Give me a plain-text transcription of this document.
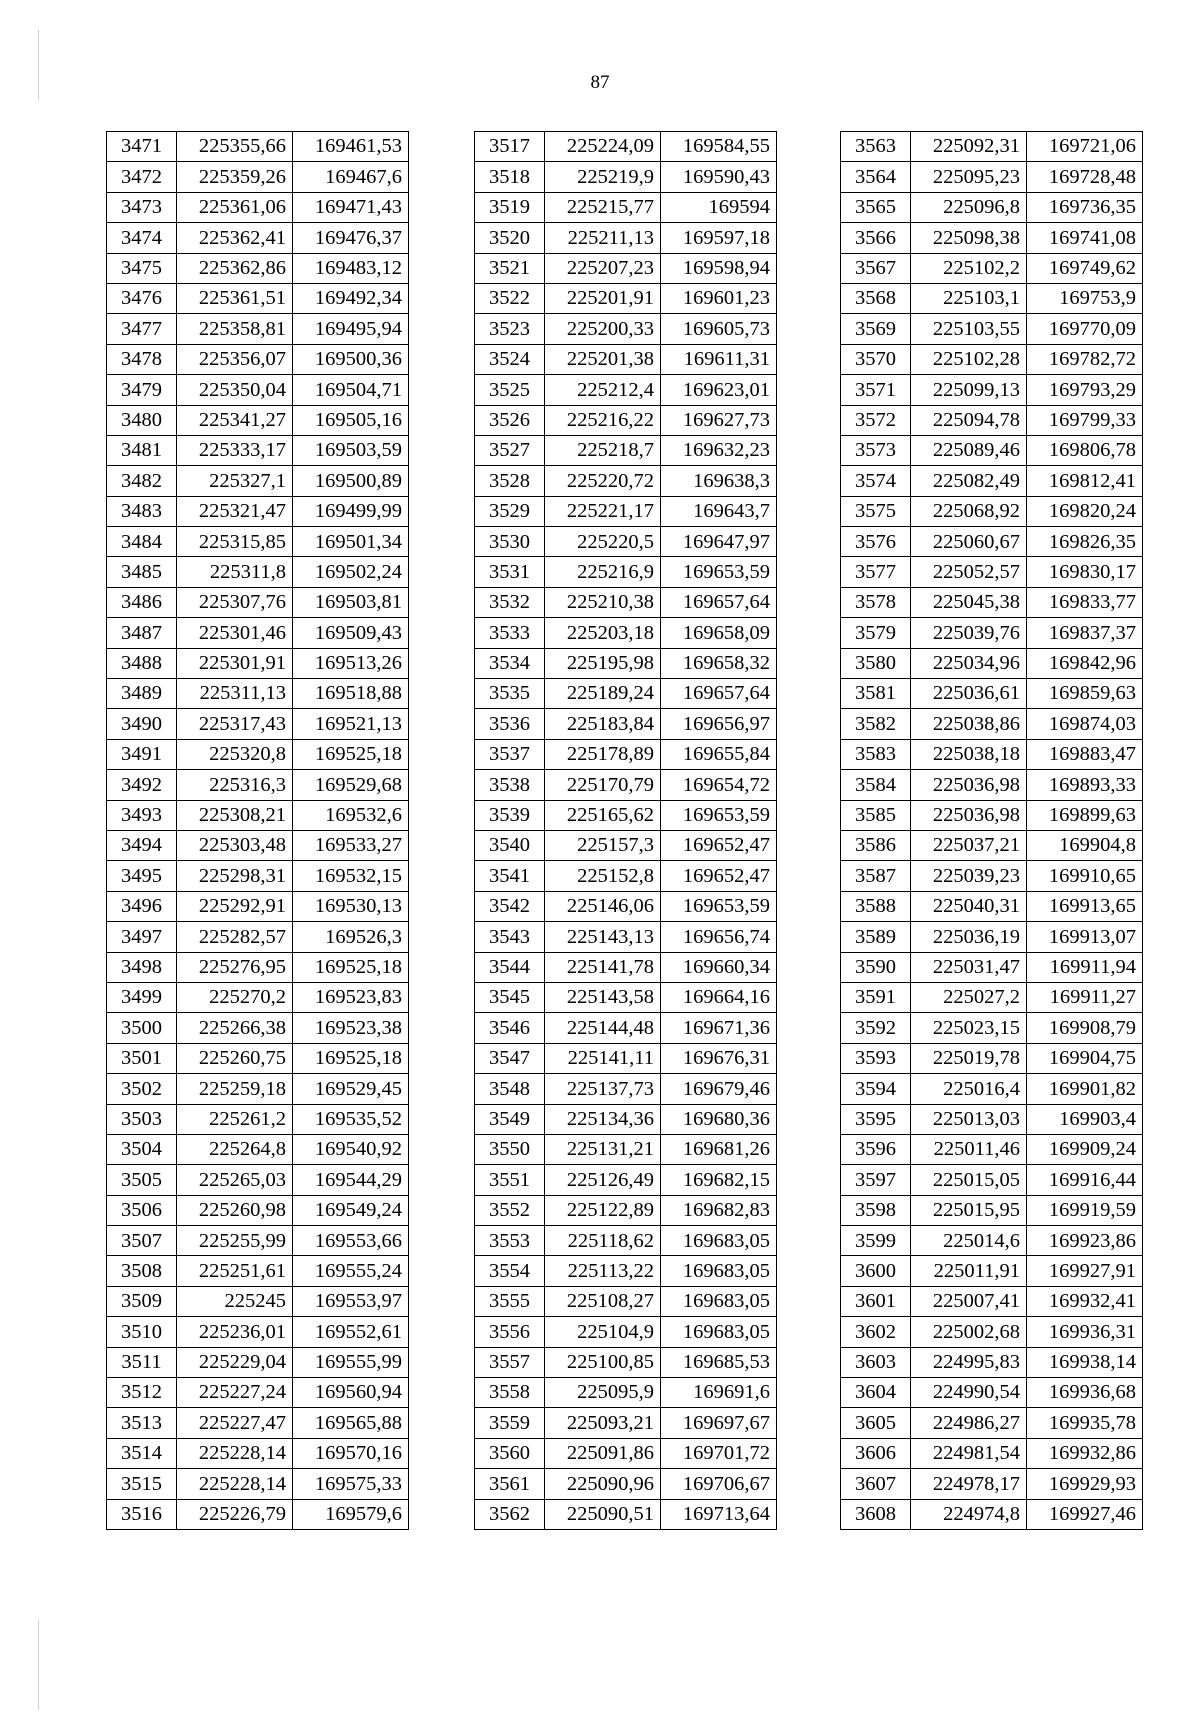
87
3471	225355,66	169461,53
3472	225359,26	169467,6
3473	225361,06	169471,43
3474	225362,41	169476,37
3475	225362,86	169483,12
3476	225361,51	169492,34
3477	225358,81	169495,94
3478	225356,07	169500,36
3479	225350,04	169504,71
3480	225341,27	169505,16
3481	225333,17	169503,59
3482	225327,1	169500,89
3483	225321,47	169499,99
3484	225315,85	169501,34
3485	225311,8	169502,24
3486	225307,76	169503,81
3487	225301,46	169509,43
3488	225301,91	169513,26
3489	225311,13	169518,88
3490	225317,43	169521,13
3491	225320,8	169525,18
3492	225316,3	169529,68
3493	225308,21	169532,6
3494	225303,48	169533,27
3495	225298,31	169532,15
3496	225292,91	169530,13
3497	225282,57	169526,3
3498	225276,95	169525,18
3499	225270,2	169523,83
3500	225266,38	169523,38
3501	225260,75	169525,18
3502	225259,18	169529,45
3503	225261,2	169535,52
3504	225264,8	169540,92
3505	225265,03	169544,29
3506	225260,98	169549,24
3507	225255,99	169553,66
3508	225251,61	169555,24
3509	225245	169553,97
3510	225236,01	169552,61
3511	225229,04	169555,99
3512	225227,24	169560,94
3513	225227,47	169565,88
3514	225228,14	169570,16
3515	225228,14	169575,33
3516	225226,79	169579,6
3517	225224,09	169584,55
3518	225219,9	169590,43
3519	225215,77	169594
3520	225211,13	169597,18
3521	225207,23	169598,94
3522	225201,91	169601,23
3523	225200,33	169605,73
3524	225201,38	169611,31
3525	225212,4	169623,01
3526	225216,22	169627,73
3527	225218,7	169632,23
3528	225220,72	169638,3
3529	225221,17	169643,7
3530	225220,5	169647,97
3531	225216,9	169653,59
3532	225210,38	169657,64
3533	225203,18	169658,09
3534	225195,98	169658,32
3535	225189,24	169657,64
3536	225183,84	169656,97
3537	225178,89	169655,84
3538	225170,79	169654,72
3539	225165,62	169653,59
3540	225157,3	169652,47
3541	225152,8	169652,47
3542	225146,06	169653,59
3543	225143,13	169656,74
3544	225141,78	169660,34
3545	225143,58	169664,16
3546	225144,48	169671,36
3547	225141,11	169676,31
3548	225137,73	169679,46
3549	225134,36	169680,36
3550	225131,21	169681,26
3551	225126,49	169682,15
3552	225122,89	169682,83
3553	225118,62	169683,05
3554	225113,22	169683,05
3555	225108,27	169683,05
3556	225104,9	169683,05
3557	225100,85	169685,53
3558	225095,9	169691,6
3559	225093,21	169697,67
3560	225091,86	169701,72
3561	225090,96	169706,67
3562	225090,51	169713,64
3563	225092,31	169721,06
3564	225095,23	169728,48
3565	225096,8	169736,35
3566	225098,38	169741,08
3567	225102,2	169749,62
3568	225103,1	169753,9
3569	225103,55	169770,09
3570	225102,28	169782,72
3571	225099,13	169793,29
3572	225094,78	169799,33
3573	225089,46	169806,78
3574	225082,49	169812,41
3575	225068,92	169820,24
3576	225060,67	169826,35
3577	225052,57	169830,17
3578	225045,38	169833,77
3579	225039,76	169837,37
3580	225034,96	169842,96
3581	225036,61	169859,63
3582	225038,86	169874,03
3583	225038,18	169883,47
3584	225036,98	169893,33
3585	225036,98	169899,63
3586	225037,21	169904,8
3587	225039,23	169910,65
3588	225040,31	169913,65
3589	225036,19	169913,07
3590	225031,47	169911,94
3591	225027,2	169911,27
3592	225023,15	169908,79
3593	225019,78	169904,75
3594	225016,4	169901,82
3595	225013,03	169903,4
3596	225011,46	169909,24
3597	225015,05	169916,44
3598	225015,95	169919,59
3599	225014,6	169923,86
3600	225011,91	169927,91
3601	225007,41	169932,41
3602	225002,68	169936,31
3603	224995,83	169938,14
3604	224990,54	169936,68
3605	224986,27	169935,78
3606	224981,54	169932,86
3607	224978,17	169929,93
3608	224974,8	169927,46
